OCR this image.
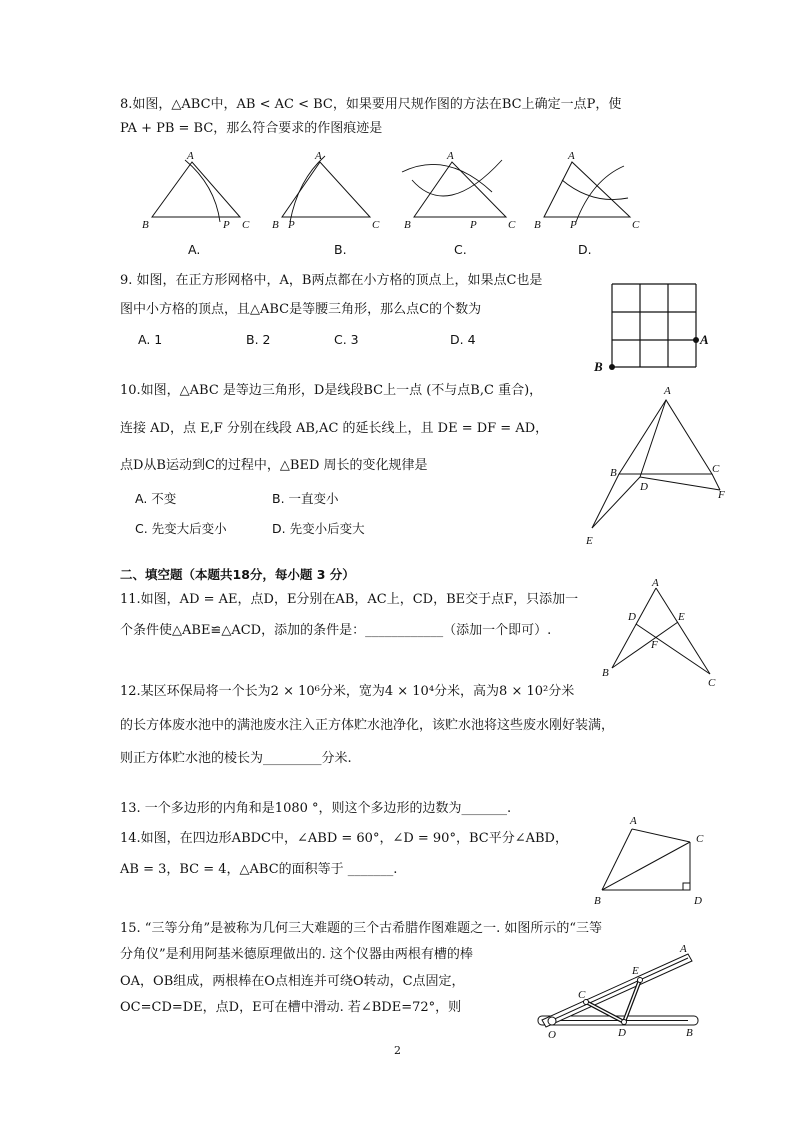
8.如图，△ABC中，AB < AC < BC，如果要用尺规作图的方法在BC上确定一点P，使
PA + PB = BC，那么符合要求的作图痕迹是
A
B	P C
A
B P	C
A
B	P	C
A
B	P	C
A.	B.	C.	D.
9. 如图，在正方形网格中，A，B两点都在小方格的顶点上，如果点C也是
图中小方格的顶点，且△ABC是等腰三角形，那么点C的个数为
A. 1	B. 2	C. 3	D. 4	A
B
10.如图，△ABC 是等边三角形，D是线段BC上一点 (不与点B,C 重合)，
连接 AD，点 E,F 分别在线段 AB,AC 的延长线上，且 DE = DF = AD，
点D从B运动到C的过程中，△BED 周长的变化规律是
A. 不变	B. 一直变小
C. 先变大后变小	D. 先变小后变大
A
B	C
D
E
F
二、填空题（本题共18分，每小题 3 分）
11.如图，AD = AE，点D，E分别在AB，AC上，CD，BE交于点F，只添加一
个条件使△ABE≌△ACD，添加的条件是：____________（添加一个即可）.
A
D	E
F
B
C
12.某区环保局将一个长为2 × 10⁶分米，宽为4 × 10⁴分米，高为8 × 10²分米
的长方体废水池中的满池废水注入正方体贮水池净化，该贮水池将这些废水刚好装满，
则正方体贮水池的棱长为_________分米.
13. 一个多边形的内角和是1080 °，则这个多边形的边数为_______.
14.如图，在四边形ABDC中，∠ABD = 60°，∠D = 90°，BC平分∠ABD，
AB = 3，BC = 4，△ABC的面积等于 _______.
A
C
B	D
15. “三等分角”是被称为几何三大难题的三个古希腊作图难题之一. 如图所示的“三等
分角仪”是利用阿基米德原理做出的. 这个仪器由两根有槽的棒
OA，OB组成，两根棒在O点相连并可绕O转动，C点固定，
OC=CD=DE，点D，E可在槽中滑动. 若∠BDE=72°，则
A
E
C
O	D	B
2
